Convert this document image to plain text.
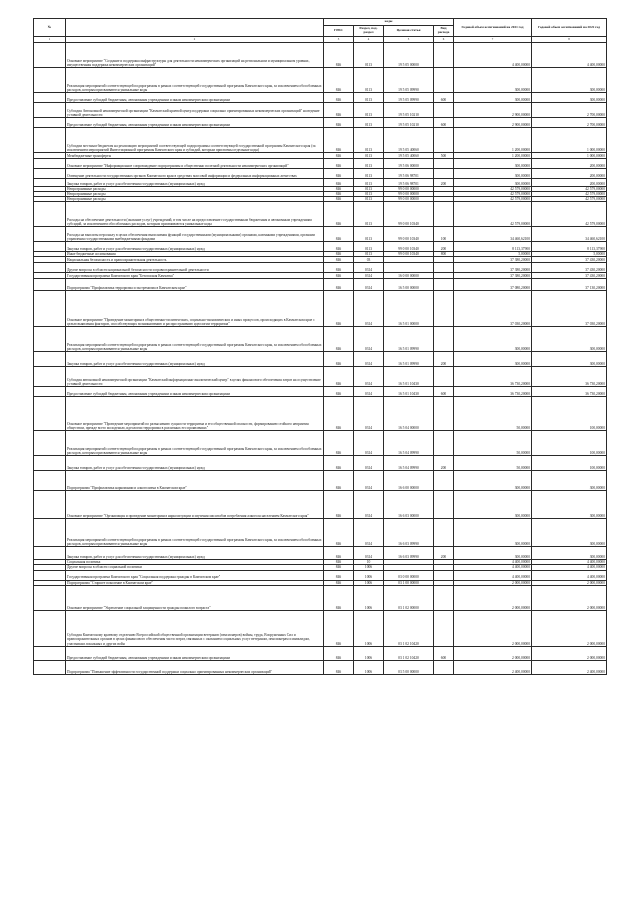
№		коды				Годовой объем ассигнований на 2021 год	Годовой объем ассигнований на 2022 год
		ГРБС	Раздел, под-раздел	Целевая статья	Вид расхода		
1	2	3	4	5	6	7	8
	Основное мероприятие "Создание и поддержка инфраструктуры для деятельности некоммерческих организаций на региональном и муниципальном уровнях, имущественная поддержка некоммерческих организаций"	846	0113	19 5 05 00000		4 400,00000	4 400,00000
	Реализация мероприятий соответствующей подпрограммы в рамках соответствующей государственной программы Камчатского края, за исключением обособленных расходов, которым присваиваются уникальные коды	846	0113	19 5 05 09990		300,00000	300,00000
	Предоставление субсидий бюджетным, автономным учреждениям и иным некоммерческим организациям	846	0113	19 5 05 09990	600	300,00000	300,00000
	Субсидия Автономной некоммерческой организации "Камчатский краевой центр поддержки социально ориентированных некоммерческих организаций" на ведение уставной деятельности	846	0113	19 5 05 10210		2 900,00000	2 700,00000
	Предоставление субсидий бюджетным, автономным учреждениям и иным некоммерческим организациям	846	0113	19 5 05 10210	600	2 900,00000	2 700,00000
	Субсидии местным бюджетам на реализацию мероприятий соответствующей подпрограммы соответствующей государственной программы Камчатского края (за исключением мероприятий Инвестиционной программы Камчатского края и субсидий, которым присвоены отдельные коды)	846	0113	19 5 05 40060		1 200,00000	1 000,00000
	Межбюджетные трансферты	846	0113	19 5 05 40060	500	1 200,00000	1 000,00000
	Основное мероприятие "Информационное сопровождение подпрограммы и общественно полезной деятельности некоммерческих организаций"	846	0113	19 5 06 00000		300,00000	200,00000
	Освещение деятельности государственных органов Камчатского края в средствах массовой информации и федеральных информационных агентствах	846	0113	19 5 06 98701		300,00000	200,00000
	Закупка товаров, работ и услуг для обеспечения государственных (муниципальных) нужд	846	0113	19 5 06 98701	200	300,00000	200,00000
	Непрограммные расходы	846	0113	99 0 00 00000		42 579,00000	42 579,00000
	Непрограммные расходы	846	0113	99 0 00 00000		42 579,00000	42 579,00000
	Непрограммные расходы	846	0113	99 0 00 00000		42 579,00000	42 579,00000
	Расходы на обеспечение деятельности (оказание услуг) учреждений, в том числе на предоставление государственным бюджетным и автономным учреждениям субсидий, за исключением обособленных расходов, которым присваиваются уникальные коды	846	0113	99 0 00 10340		42 579,00000	42 579,00000
	Расходы на выплаты персоналу в целях обеспечения выполнения функций государственными (муниципальными) органами, казенными учреждениями, органами управления государственными внебюджетными фондами	846	0113	99 0 00 10340	100	34 460,62100	34 460,62100
	Закупка товаров, работ и услуг для обеспечения государственных (муниципальных) нужд	846	0113	99 0 00 10340	200	8 113,37900	8 113,37900
	Иные бюджетные ассигнования	846	0113	99 0 00 10340	800	5,00000	5,00000
	Национальная безопасность и правоохранительная деятельность	846	03			37 380,20000	37 430,20000
	Другие вопросы в области национальной безопасности и правоохранительной деятельности	846	0314			37 380,20000	37 430,20000
	Государственная программа Камчатского края "Безопасная Камчатка"	846	0314	16 0 00 00000		37 380,20000	37 430,20000
	Подпрограмма "Профилактика терроризма и экстремизма в Камчатском крае"	846	0314	16 5 00 00000		37 080,20000	37 130,20000
	Основное мероприятие "Проведение мониторинга общественно-политических, социально-экономических и иных процессов, происходящих в Камчатском крае с целью выявления факторов, способствующих возникновению и распространению идеологии терроризма"	846	0314	16 5 01 00000		37 030,20000	37 030,20000
	Реализация мероприятий соответствующей подпрограммы в рамках соответствующей государственной программы Камчатского края, за исключением обособленных расходов, которым присваиваются уникальные коды	846	0314	16 5 01 09990		300,00000	300,00000
	Закупка товаров, работ и услуг для обеспечения государственных (муниципальных) нужд	846	0314	16 5 01 09990	200	300,00000	300,00000
	Субсидия автономной некоммерческой организации "Камчатский информационно-аналитический центр" в целях финансового обеспечения затрат на осуществление уставной деятельности	846	0314	16 5 01 10430		36 730,20000	36 730,20000
	Предоставление субсидий бюджетным, автономным учреждениям и иным некоммерческим организациям	846	0314	16 5 01 10430	600	36 730,20000	36 730,20000
	Основное мероприятие "Проведение мероприятий по разъяснению сущности терроризма и его общественной опасности, формированию стойкого неприятия обществом, прежде всего молодежью, идеологии терроризма в различных его проявлениях"	846	0314	16 5 04 00000		50,00000	100,00000
	Реализация мероприятий соответствующей подпрограммы в рамках соответствующей государственной программы Камчатского края, за исключением обособленных расходов, которым присваиваются уникальные коды	846	0314	16 5 04 09990		50,00000	100,00000
	Закупка товаров, работ и услуг для обеспечения государственных (муниципальных) нужд	846	0314	16 5 04 09990	200	50,00000	100,00000
	Подпрограмма "Профилактика наркомании и алкоголизма в Камчатском крае"	846	0314	16 6 00 00000		300,00000	300,00000
	Основное мероприятие "Организация и проведение мониторинга наркоситуации и изучения масштабов потребления алкоголя населением Камчатского края"	846	0314	16 6 03 00000		300,00000	300,00000
	Реализация мероприятий соответствующей подпрограммы в рамках соответствующей государственной программы Камчатского края, за исключением обособленных расходов, которым присваиваются уникальные коды	846	0314	16 6 03 09990		300,00000	300,00000
	Закупка товаров, работ и услуг для обеспечения государственных (муниципальных) нужд	846	0314	16 6 03 09990	200	300,00000	300,00000
	Социальная политика	846	10			4 400,00000	4 400,00000
	Другие вопросы в области социальной политики	846	1006			4 400,00000	4 400,00000
	Государственная программа Камчатского края "Социальная поддержка граждан в Камчатском крае"	846	1006	03 0 00 00000		4 400,00000	4 400,00000
	Подпрограмма "Старшее поколение в Камчатском крае"	846	1006	03 1 00 00000		2 000,00000	2 000,00000
	Основное мероприятие "Укрепление социальной защищенности граждан пожилого возраста"	846	1006	03 1 02 00000		2 000,00000	2 000,00000
	Субсидия Камчатскому краевому отделению Всероссийской общественной организации ветеранов (пенсионеров) войны, труда, Вооруженных Сил и правоохранительных органов в целях финансового обеспечения части затрат, связанных с оказанием социальных услуг ветеранам, пенсионерам и инвалидам, участникам локальных и других войн	846	1006	03 1 02 10420		2 000,00000	2 000,00000
	Предоставление субсидий бюджетным, автономным учреждениям и иным некоммерческим организациям	846	1006	03 1 02 10420	600	2 000,00000	2 000,00000
	Подпрограмма "Повышение эффективности государственной поддержки социально ориентированных некоммерческих организаций"	846	1006	03 5 00 00000		2 400,00000	2 400,00000
